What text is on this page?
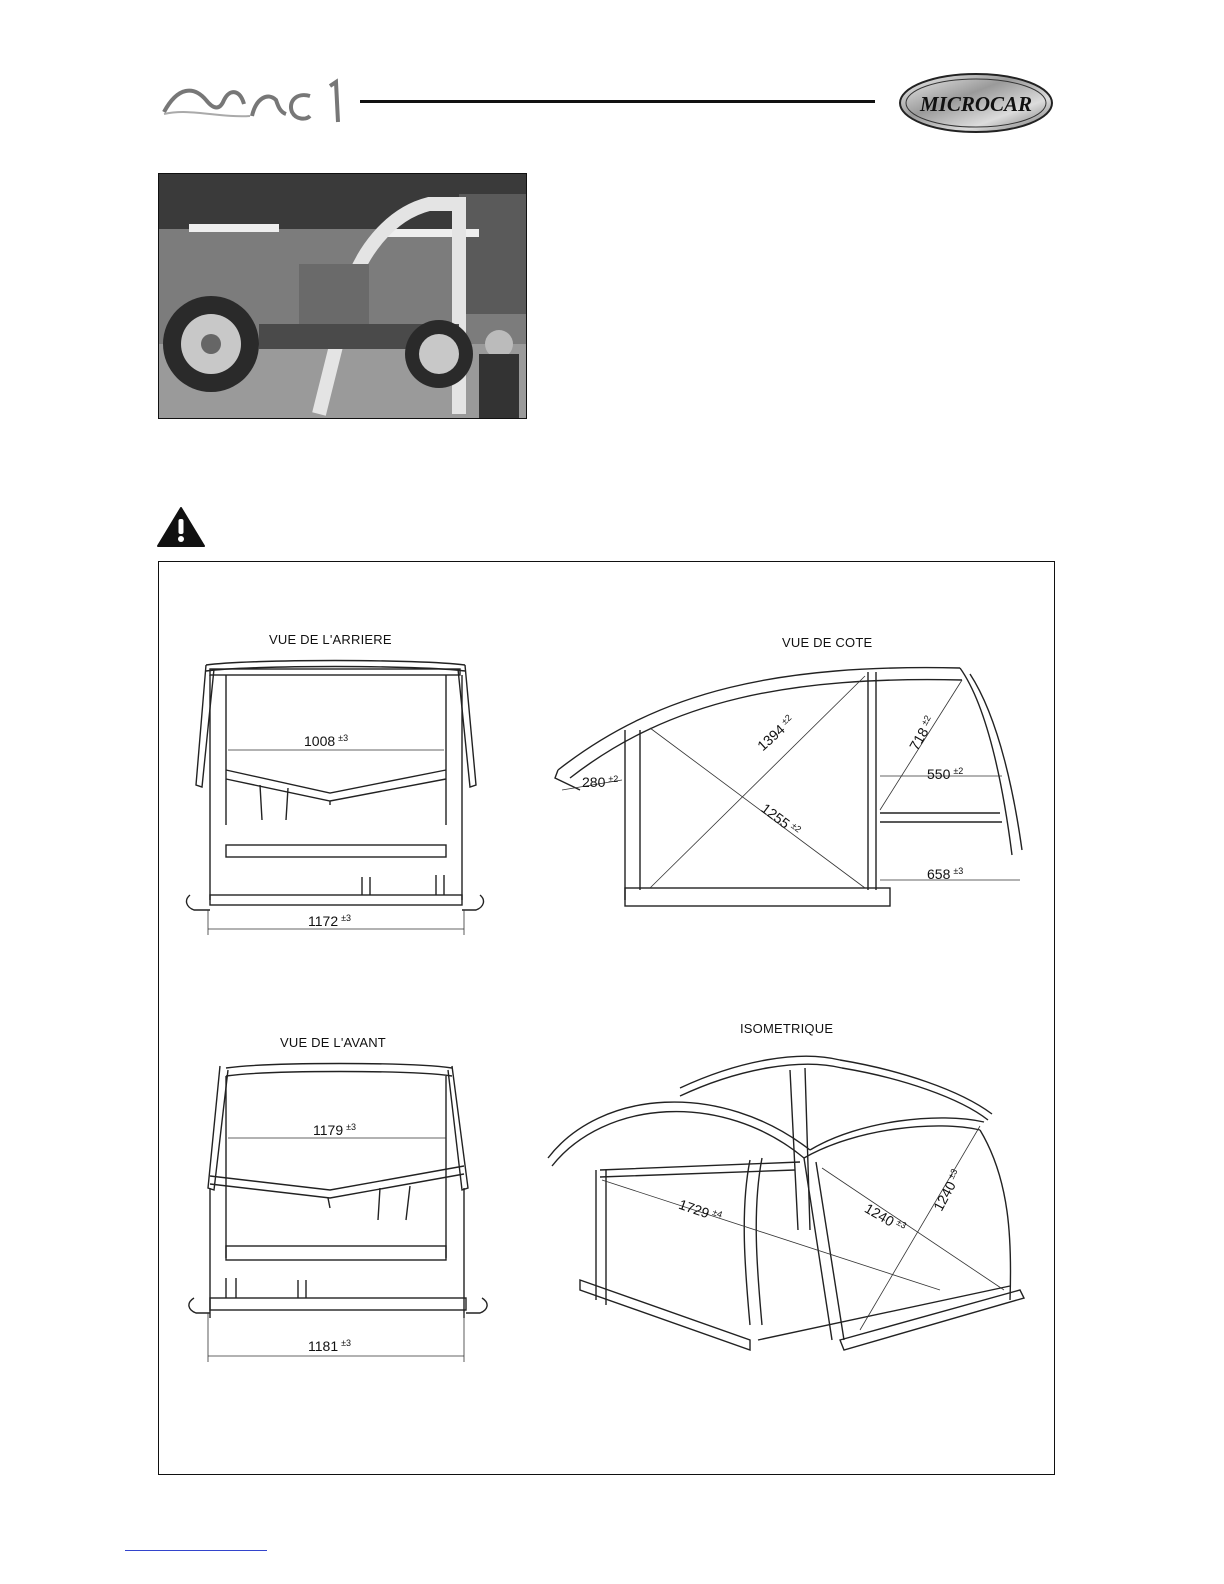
MICROCAR
VUE DE L'ARRIERE
1008 $^{\pm 3}$
1172 $^{\pm 3}$
VUE DE COTE
280 $^{\pm 2}$
$1394^{\pm 2}$
$1255^{\pm 2}$
$718^{\pm 2}$
550 $^{\pm 2}$
658 $^{\pm 3}$
VUE DE L'AVANT
1179 $^{\pm 3}$
1181 $^{\pm 3}$
ISOMETRIQUE
$1729^{\pm 4}$	$1240^{\pm 3}$
$1240^{\pm 3}$
